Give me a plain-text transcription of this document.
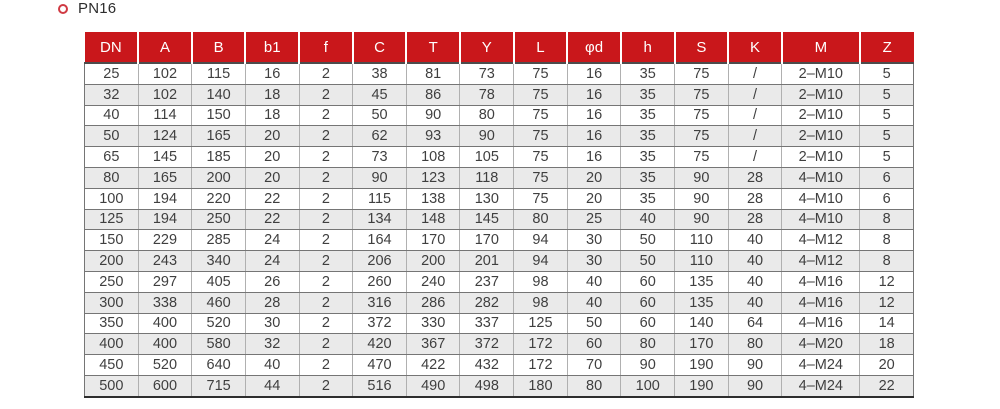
PN16
DN	A	B	b1	f	C	T	Y	L	φd	h	S	K	M	Z
25	102	115	16	2	38	81	73	75	16	35	75	/	2–M10	5
32	102	140	18	2	45	86	78	75	16	35	75	/	2–M10	5
40	114	150	18	2	50	90	80	75	16	35	75	/	2–M10	5
50	124	165	20	2	62	93	90	75	16	35	75	/	2–M10	5
65	145	185	20	2	73	108	105	75	16	35	75	/	2–M10	5
80	165	200	20	2	90	123	118	75	20	35	90	28	4–M10	6
100	194	220	22	2	115	138	130	75	20	35	90	28	4–M10	6
125	194	250	22	2	134	148	145	80	25	40	90	28	4–M10	8
150	229	285	24	2	164	170	170	94	30	50	110	40	4–M12	8
200	243	340	24	2	206	200	201	94	30	50	110	40	4–M12	8
250	297	405	26	2	260	240	237	98	40	60	135	40	4–M16	12
300	338	460	28	2	316	286	282	98	40	60	135	40	4–M16	12
350	400	520	30	2	372	330	337	125	50	60	140	64	4–M16	14
400	400	580	32	2	420	367	372	172	60	80	170	80	4–M20	18
450	520	640	40	2	470	422	432	172	70	90	190	90	4–M24	20
500	600	715	44	2	516	490	498	180	80	100	190	90	4–M24	22
